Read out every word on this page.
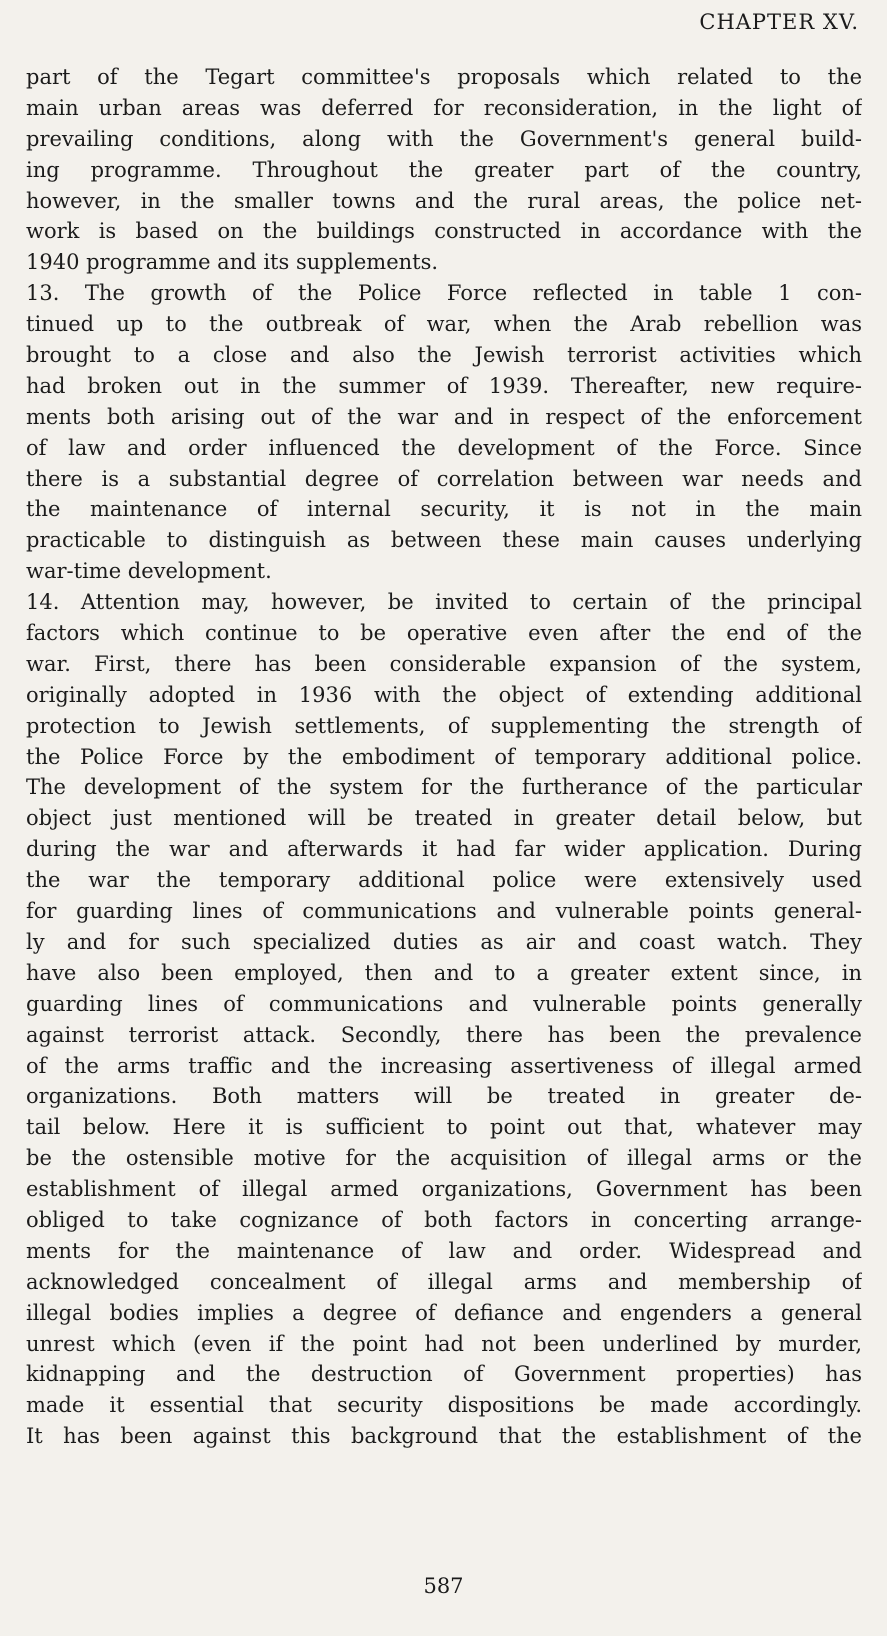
CHAPTER XV.
part of the Tegart committee's proposals which related to the
main urban areas was deferred for reconsideration, in the light of
prevailing conditions, along with the Government's general build-
ing programme. Throughout the greater part of the country,
however, in the smaller towns and the rural areas, the police net-
work is based on the buildings constructed in accordance with the
1940 programme and its supplements.
13. The growth of the Police Force reflected in table 1 con-
tinued up to the outbreak of war, when the Arab rebellion was
brought to a close and also the Jewish terrorist activities which
had broken out in the summer of 1939. Thereafter, new require-
ments both arising out of the war and in respect of the enforcement
of law and order influenced the development of the Force. Since
there is a substantial degree of correlation between war needs and
the maintenance of internal security, it is not in the main
practicable to distinguish as between these main causes underlying
war-time development.
14. Attention may, however, be invited to certain of the principal
factors which continue to be operative even after the end of the
war. First, there has been considerable expansion of the system,
originally adopted in 1936 with the object of extending additional
protection to Jewish settlements, of supplementing the strength of
the Police Force by the embodiment of temporary additional police.
The development of the system for the furtherance of the particular
object just mentioned will be treated in greater detail below, but
during the war and afterwards it had far wider application. During
the war the temporary additional police were extensively used
for guarding lines of communications and vulnerable points general-
ly and for such specialized duties as air and coast watch. They
have also been employed, then and to a greater extent since, in
guarding lines of communications and vulnerable points generally
against terrorist attack. Secondly, there has been the prevalence
of the arms traffic and the increasing assertiveness of illegal armed
organizations. Both matters will be treated in greater de-
tail below. Here it is sufficient to point out that, whatever may
be the ostensible motive for the acquisition of illegal arms or the
establishment of illegal armed organizations, Government has been
obliged to take cognizance of both factors in concerting arrange-
ments for the maintenance of law and order. Widespread and
acknowledged concealment of illegal arms and membership of
illegal bodies implies a degree of defiance and engenders a general
unrest which (even if the point had not been underlined by murder,
kidnapping and the destruction of Government properties) has
made it essential that security dispositions be made accordingly.
It has been against this background that the establishment of the
587
